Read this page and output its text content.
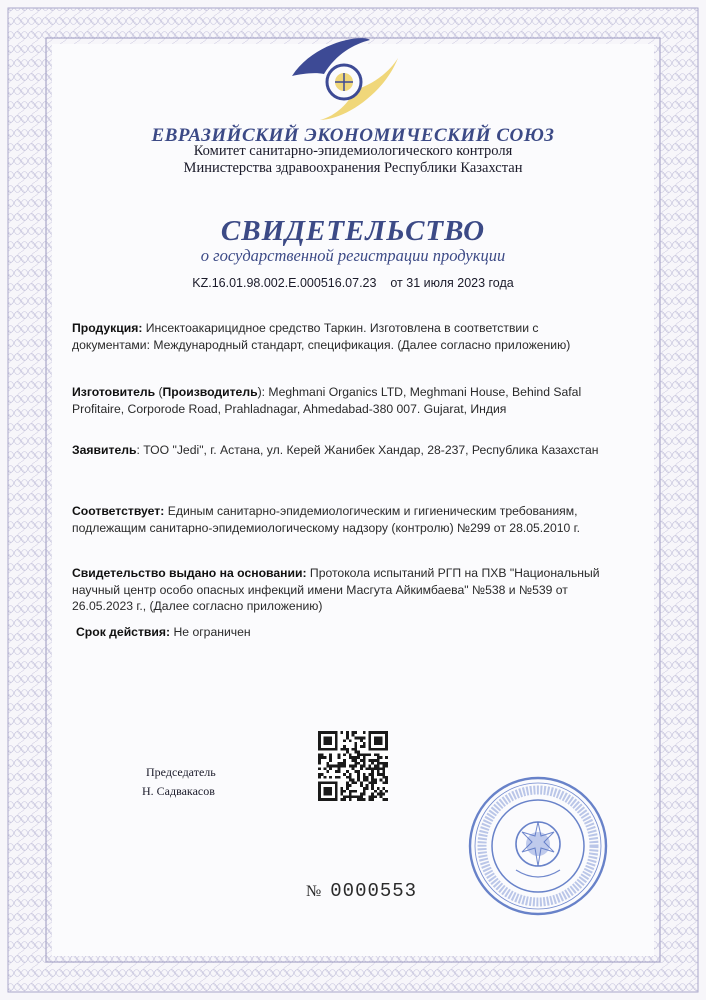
ЕВРАЗИЙСКИЙ ЭКОНОМИЧЕСКИЙ СОЮЗ
Комитет санитарно-эпидемиологического контроля
Министерства здравоохранения Республики Казахстан
СВИДЕТЕЛЬСТВО
о государственной регистрации продукции
KZ.16.01.98.002.E.000516.07.23 от 31 июля 2023 года
Продукция: Инсектоакарицидное средство Таркин. Изготовлена в соответствии с документами: Международный стандарт, спецификация. (Далее согласно приложению)
Изготовитель (Производитель): Meghmani Organics LTD, Meghmani House, Behind Safal Profitaire, Corporode Road, Prahladnagar, Ahmedabad-380 007. Gujarat, Индия
Заявитель: ТОО "Jedi", г. Астана, ул. Керей Жанибек Хандар, 28-237, Республика Казахстан
Соответствует: Единым санитарно-эпидемиологическим и гигиеническим требованиям, подлежащим санитарно-эпидемиологическому надзору (контролю) №299 от 28.05.2010 г.
Свидетельство выдано на основании: Протокола испытаний РГП на ПХВ "Национальный научный центр особо опасных инфекций имени Масгута Айкимбаева" №538 и №539 от 26.05.2023 г., (Далее согласно приложению)
Срок действия: Не ограничен
Председатель
Н. Садвакасов
№ 0000553
